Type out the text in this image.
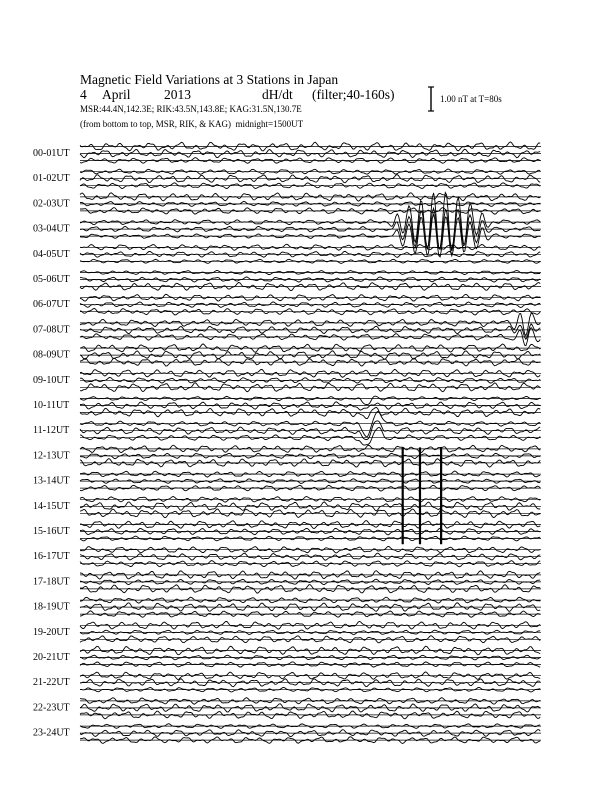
Magnetic Field Variations at 3 Stations in Japan
4 April 2013	dH/dt (filter;40-160s)
MSR:44.4N,142.3E; RIK:43.5N,143.8E; KAG:31.5N,130.7E
(from bottom to top, MSR, RIK, & KAG) midnight=1500UT
1.00 nT at T=80s
00-01UT
01-02UT
02-03UT
03-04UT
04-05UT
05-06UT
06-07UT
07-08UT
08-09UT
09-10UT
10-11UT
11-12UT
12-13UT
13-14UT
14-15UT
15-16UT
16-17UT
17-18UT
18-19UT
19-20UT
20-21UT
21-22UT
22-23UT
23-24UT
